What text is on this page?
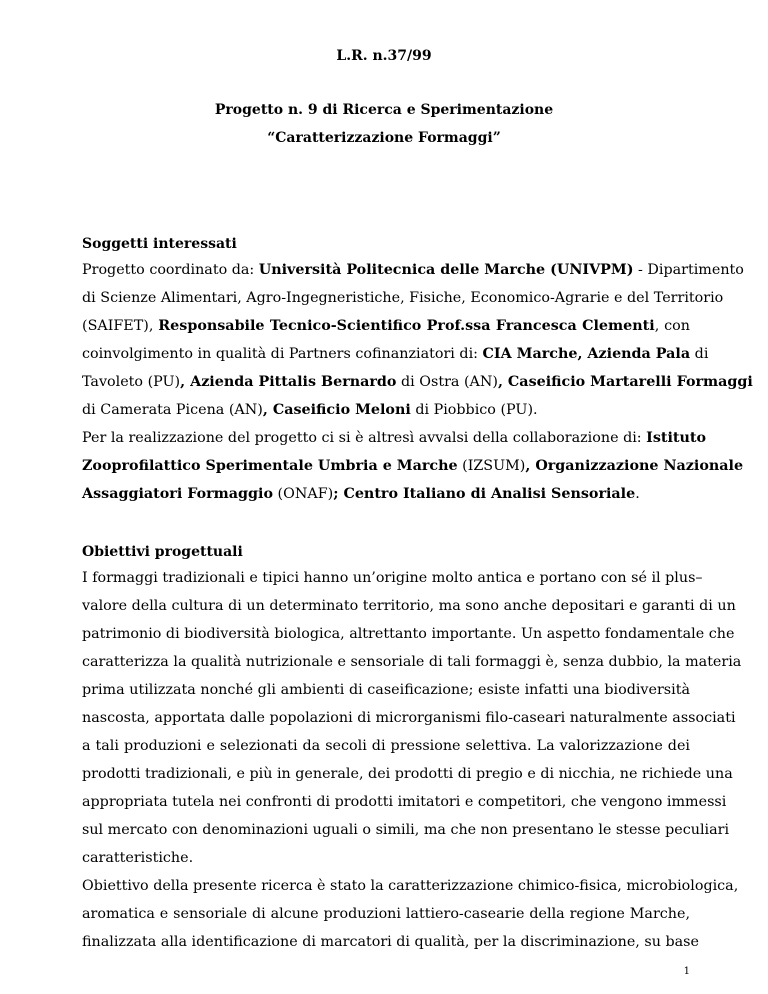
L.R. n.37/99
Progetto n. 9 di Ricerca e Sperimentazione
“Caratterizzazione Formaggi”
Soggetti interessati
Progetto coordinato da: Università Politecnica delle Marche (UNIVPM) - Dipartimento
di Scienze Alimentari, Agro-Ingegneristiche, Fisiche, Economico-Agrarie e del Territorio
(SAIFET), Responsabile Tecnico-Scientifico Prof.ssa Francesca Clementi, con
coinvolgimento in qualità di Partners cofinanziatori di: CIA Marche, Azienda Pala di
Tavoleto (PU), Azienda Pittalis Bernardo di Ostra (AN), Caseificio Martarelli Formaggi
di Camerata Picena (AN), Caseificio Meloni di Piobbico (PU).
Per la realizzazione del progetto ci si è altresì avvalsi della collaborazione di: Istituto
Zooprofilattico Sperimentale Umbria e Marche (IZSUM), Organizzazione Nazionale
Assaggiatori Formaggio (ONAF); Centro Italiano di Analisi Sensoriale.
Obiettivi progettuali
I formaggi tradizionali e tipici hanno un’origine molto antica e portano con sé il plus–
valore della cultura di un determinato territorio, ma sono anche depositari e garanti di un
patrimonio di biodiversità biologica, altrettanto importante. Un aspetto fondamentale che
caratterizza la qualità nutrizionale e sensoriale di tali formaggi è, senza dubbio, la materia
prima utilizzata nonché gli ambienti di caseificazione; esiste infatti una biodiversità
nascosta, apportata dalle popolazioni di microrganismi filo-caseari naturalmente associati
a tali produzioni e selezionati da secoli di pressione selettiva. La valorizzazione dei
prodotti tradizionali, e più in generale, dei prodotti di pregio e di nicchia, ne richiede una
appropriata tutela nei confronti di prodotti imitatori e competitori, che vengono immessi
sul mercato con denominazioni uguali o simili, ma che non presentano le stesse peculiari
caratteristiche.
Obiettivo della presente ricerca è stato la caratterizzazione chimico-fisica, microbiologica,
aromatica e sensoriale di alcune produzioni lattiero-casearie della regione Marche,
finalizzata alla identificazione di marcatori di qualità, per la discriminazione, su base
1
